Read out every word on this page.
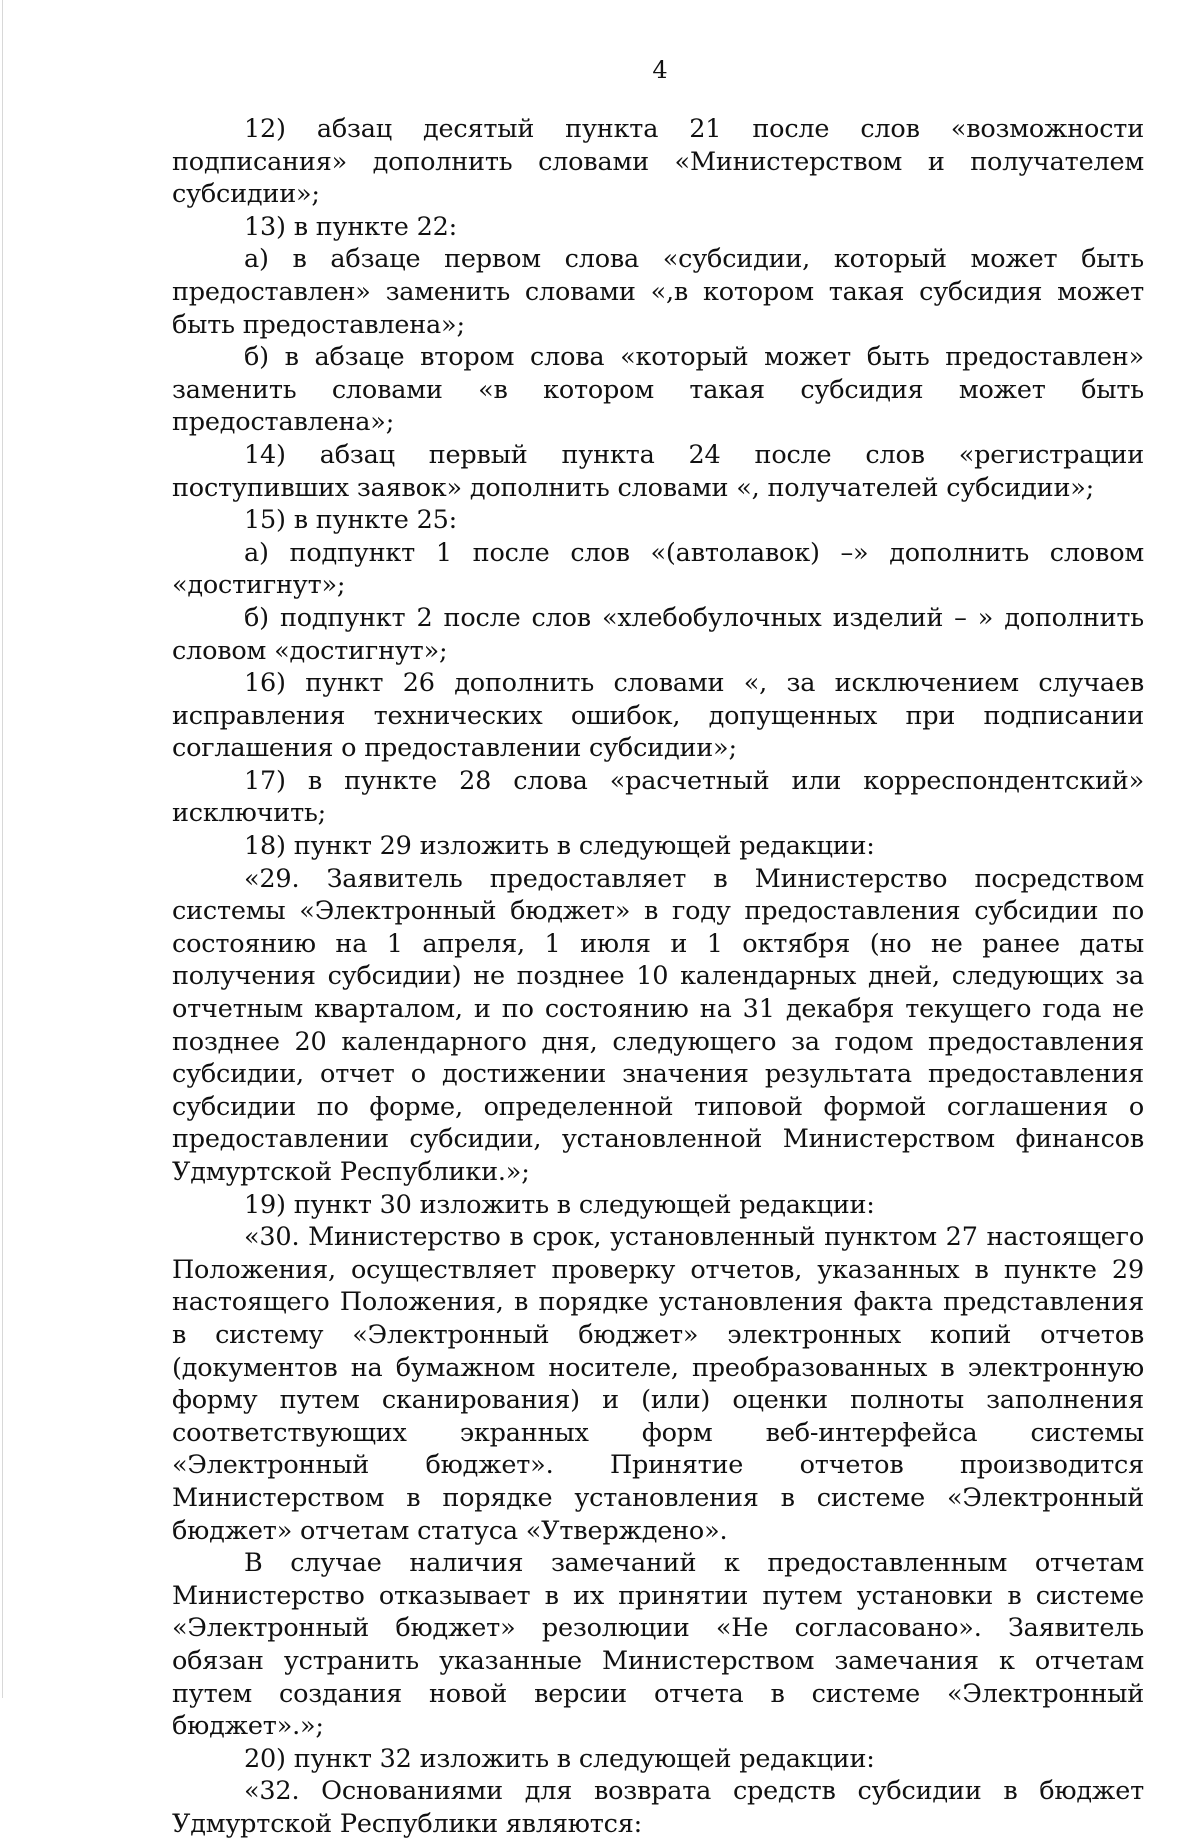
4

12) абзац десятый пункта 21 после слов «возможности подписания» дополнить словами «Министерством и получателем субсидии»;

13) в пункте 22:

а) в абзаце первом слова «субсидии, который может быть предоставлен» заменить словами «,в котором такая субсидия может быть предоставлена»;

б) в абзаце втором слова «который может быть предоставлен» заменить словами «в котором такая субсидия может быть предоставлена»;

14) абзац первый пункта 24 после слов «регистрации поступивших заявок» дополнить словами «, получателей субсидии»;

15) в пункте 25:

а) подпункт 1 после слов «(автолавок) –» дополнить словом «достигнут»;

б) подпункт 2 после слов «хлебобулочных изделий – » дополнить словом «достигнут»;

16) пункт 26 дополнить словами «, за исключением случаев исправления технических ошибок, допущенных при подписании соглашения о предоставлении субсидии»;

17) в пункте 28 слова «расчетный или корреспондентский» исключить;

18) пункт 29 изложить в следующей редакции:

«29. Заявитель предоставляет в Министерство посредством системы «Электронный бюджет» в году предоставления субсидии по состоянию на 1 апреля, 1 июля и 1 октября (но не ранее даты получения субсидии) не позднее 10 календарных дней, следующих за отчетным кварталом, и по состоянию на 31 декабря текущего года не позднее 20 календарного дня, следующего за годом предоставления субсидии, отчет о достижении значения результата предоставления субсидии по форме, определенной типовой формой соглашения о предоставлении субсидии, установленной Министерством финансов Удмуртской Республики.»;

19) пункт 30 изложить в следующей редакции:

«30. Министерство в срок, установленный пунктом 27 настоящего Положения, осуществляет проверку отчетов, указанных в пункте 29 настоящего Положения, в порядке установления факта представления в систему «Электронный бюджет» электронных копий отчетов (документов на бумажном носителе, преобразованных в электронную форму путем сканирования) и (или) оценки полноты заполнения соответствующих экранных форм веб-интерфейса системы «Электронный бюджет». Принятие отчетов производится Министерством в порядке установления в системе «Электронный бюджет» отчетам статуса «Утверждено».

В случае наличия замечаний к предоставленным отчетам Министерство отказывает в их принятии путем установки в системе «Электронный бюджет» резолюции «Не согласовано». Заявитель обязан устранить указанные Министерством замечания к отчетам путем создания новой версии отчета в системе «Электронный бюджет».»;

20) пункт 32 изложить в следующей редакции:

«32. Основаниями для возврата средств субсидии в бюджет Удмуртской Республики являются:
